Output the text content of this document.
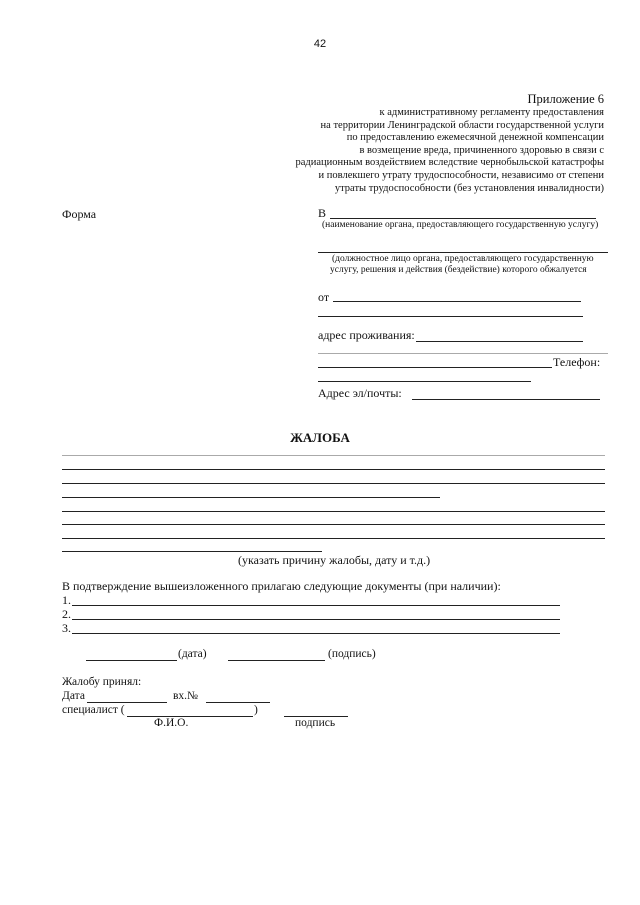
42
Приложение 6
к административному регламенту предоставления
на территории Ленинградской области государственной услуги
по предоставлению ежемесячной денежной компенсации
в возмещение вреда, причиненного здоровью в связи с
радиационным воздействием вследствие чернобыльской катастрофы
и повлекшего утрату трудоспособности, независимо от степени
утраты трудоспособности (без установления инвалидности)
Форма	В
(наименование органа, предоставляющего государственную услугу)
(должностное лицо органа, предоставляющего государственную
услугу, решения и действия (бездействие) которого обжалуется
от
адрес проживания:
Телефон:
Адрес эл/почты:
ЖАЛОБА
(указать причину жалобы, дату и т.д.)
В подтверждение вышеизложенного прилагаю следующие документы (при наличии):
1.
2.
3.
(дата)	(подпись)
Жалобу принял:
Дата	вх.№
специалист (	)
Ф.И.О.	подпись
